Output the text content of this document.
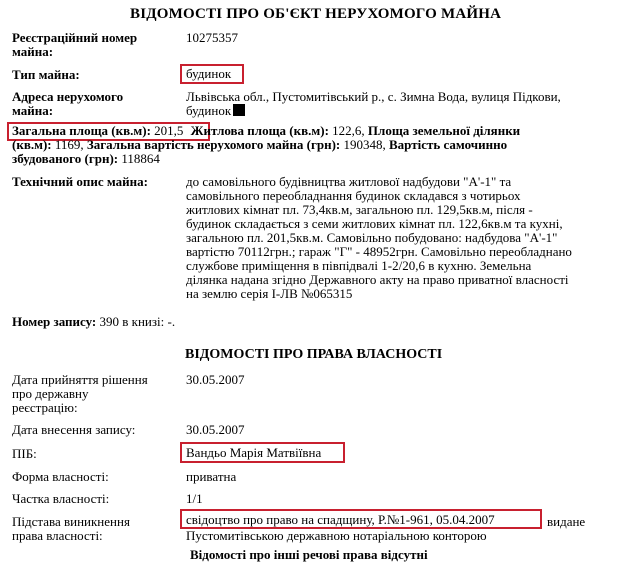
ВІДОМОСТІ ПРО ОБ'ЄКТ НЕРУХОМОГО МАЙНА
Реєстраційний номер
майна:
10275357
Тип майна:	будинок
Адреса нерухомого
майна:
Львівська обл., Пустомитівський р., с. Зимна Вода, вулиця Підкови,
будинок
Загальна площа (кв.м): 201,5 Житлова площа (кв.м): 122,6, Площа земельної ділянки
(кв.м): 1169, Загальна вартість нерухомого майна (грн): 190348, Вартість самочинно
збудованого (грн): 118864
Технічний опис майна:	до самовільного будівництва житлової надбудови "А'-1" та
самовільного переобладнання будинок складався з чотирьох
житлових кімнат пл. 73,4кв.м, загальною пл. 129,5кв.м, після -
будинок складається з семи житлових кімнат пл. 122,6кв.м та кухні,
загальною пл. 201,5кв.м. Самовільно побудовано: надбудова "А'-1"
вартістю 70112грн.; гараж "Г" - 48952грн. Самовільно переобладнано
службове приміщення в півпідвалі 1-2/20,6 в кухню. Земельна
ділянка надана згідно Державного акту на право приватної власності
на землю серія І-ЛВ №065315
Номер запису: 390 в книзі: -.
ВІДОМОСТІ ПРО ПРАВА ВЛАСНОСТІ
Дата прийняття рішення
про державну
реєстрацію:
30.05.2007
Дата внесення запису:	30.05.2007
ПІБ:	Вандьо Марія Матвіївна
Форма власності:	приватна
Частка власності:	1/1
Підстава виникнення
права власності:
свідоцтво про право на спадщину, Р.№1-961, 05.04.2007	видане
Пустомитівською державною нотаріальною конторою
Відомості про інші речові права відсутні
